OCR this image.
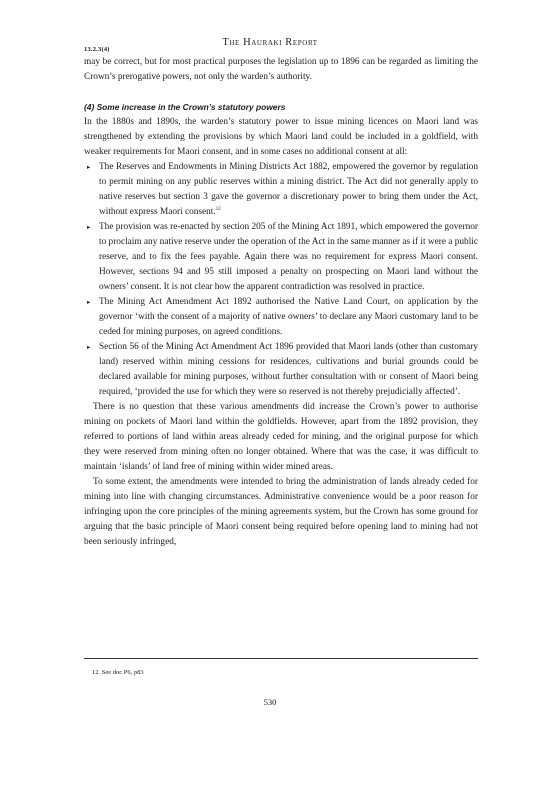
13.2.3(4)
The Hauraki Report

may be correct, but for most practical purposes the legislation up to 1896 can be regarded as limiting the Crown’s prerogative powers, not only the warden’s authority.

(4) Some increase in the Crown’s statutory powers

In the 1880s and 1890s, the warden’s statutory power to issue mining licences on Maori land was strengthened by extending the provisions by which Maori land could be included in a goldfield, with weaker requirements for Maori consent, and in some cases no additional consent at all:

▸ The Reserves and Endowments in Mining Districts Act 1882, empowered the governor by regulation to permit mining on any public reserves within a mining district. The Act did not generally apply to native reserves but section 3 gave the governor a discretionary power to bring them under the Act, without express Maori consent.$^{12}$
▸ The provision was re-enacted by section 205 of the Mining Act 1891, which empowered the governor to proclaim any native reserve under the operation of the Act in the same manner as if it were a public reserve, and to fix the fees payable. Again there was no requirement for express Maori consent. However, sections 94 and 95 still imposed a penalty on prospecting on Maori land without the owners’ consent. It is not clear how the apparent contradiction was resolved in practice.
▸ The Mining Act Amendment Act 1892 authorised the Native Land Court, on application by the governor ‘with the consent of a majority of native owners’ to declare any Maori customary land to be ceded for mining purposes, on agreed conditions.
▸ Section 56 of the Mining Act Amendment Act 1896 provided that Maori lands (other than customary land) reserved within mining cessions for residences, cultivations and burial grounds could be declared available for mining purposes, without further consultation with or consent of Maori being required, ‘provided the use for which they were so reserved is not thereby prejudicially affected’.

There is no question that these various amendments did increase the Crown’s power to authorise mining on pockets of Maori land within the goldfields. However, apart from the 1892 provision, they referred to portions of land within areas already ceded for mining, and the original purpose for which they were reserved from mining often no longer obtained. Where that was the case, it was difficult to maintain ‘islands’ of land free of mining within wider mined areas.

To some extent, the amendments were intended to bring the administration of lands already ceded for mining into line with changing circumstances. Administrative convenience would be a poor reason for infringing upon the core principles of the mining agreements system, but the Crown has some ground for arguing that the basic principle of Maori consent being required before opening land to mining had not been seriously infringed,

12. See doc P6, p83
530
